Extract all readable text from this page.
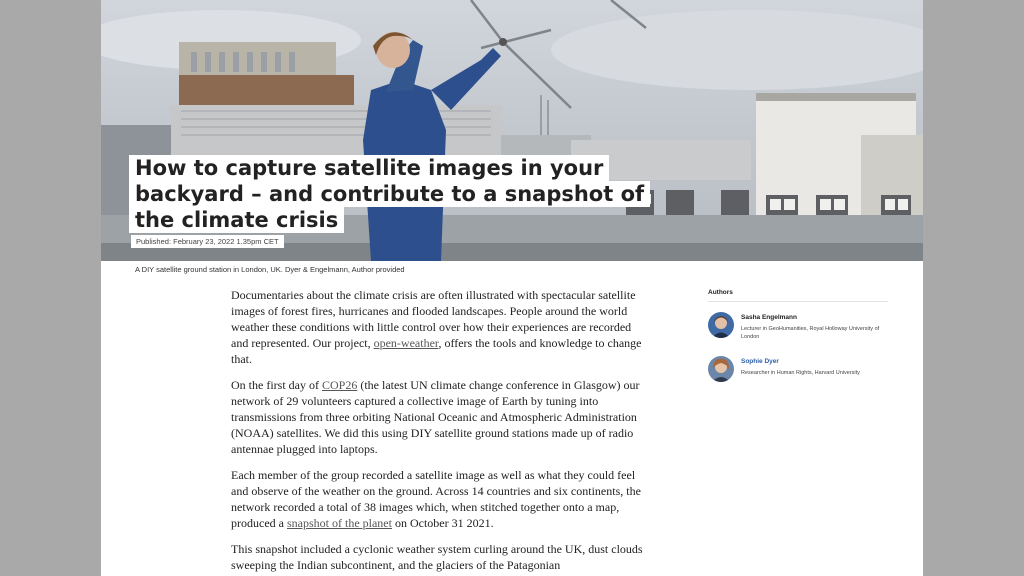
How to capture satellite images in your
backyard – and contribute to a snapshot of
the climate crisis
Published: February 23, 2022 1.35pm CET
A DIY satellite ground station in London, UK. Dyer & Engelmann, Author provided

Documentaries about the climate crisis are often illustrated with spectacular satellite images of forest fires, hurricanes and flooded landscapes. People around the world weather these conditions with little control over how their experiences are recorded and represented. Our project, open-weather, offers the tools and knowledge to change that.

On the first day of COP26 (the latest UN climate change conference in Glasgow) our network of 29 volunteers captured a collective image of Earth by tuning into transmissions from three orbiting National Oceanic and Atmospheric Administration (NOAA) satellites. We did this using DIY satellite ground stations made up of radio antennae plugged into laptops.

Each member of the group recorded a satellite image as well as what they could feel and observe of the weather on the ground. Across 14 countries and six continents, the network recorded a total of 38 images which, when stitched together onto a map, produced a snapshot of the planet on October 31 2021.

This snapshot included a cyclonic weather system curling around the UK, dust clouds sweeping the Indian subcontinent, and the glaciers of the Patagonian

Authors
Sasha Engelmann
Lecturer in GeoHumanities, Royal Holloway University of London
Sophie Dyer
Researcher in Human Rights, Harvard University
